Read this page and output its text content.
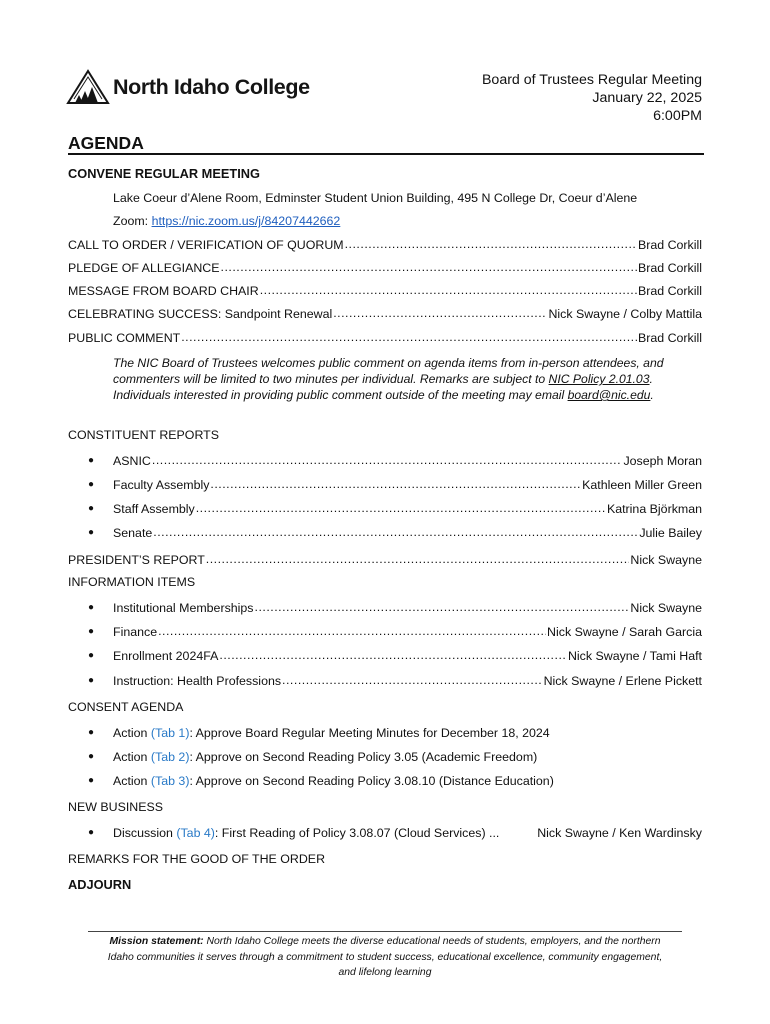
North Idaho College	Board of Trustees Regular Meeting
January 22, 2025
6:00PM
AGENDA
CONVENE REGULAR MEETING
Lake Coeur d’Alene Room, Edminster Student Union Building, 495 N College Dr, Coeur d’Alene
Zoom: https://nic.zoom.us/j/84207442662
CALL TO ORDER / VERIFICATION OF QUORUM .....	Brad Corkill
PLEDGE OF ALLEGIANCE .....	Brad Corkill
MESSAGE FROM BOARD CHAIR .....	Brad Corkill
CELEBRATING SUCCESS: Sandpoint Renewal .....	Nick Swayne / Colby Mattila
PUBLIC COMMENT .....	Brad Corkill
The NIC Board of Trustees welcomes public comment on agenda items from in-person attendees, and commenters will be limited to two minutes per individual. Remarks are subject to NIC Policy 2.01.03. Individuals interested in providing public comment outside of the meeting may email board@nic.edu.
CONSTITUENT REPORTS
●	ASNIC .....	Joseph Moran
●	Faculty Assembly .....	Kathleen Miller Green
●	Staff Assembly .....	Katrina Björkman
●	Senate .....	Julie Bailey
PRESIDENT’S REPORT .....	Nick Swayne
INFORMATION ITEMS
●	Institutional Memberships .....	Nick Swayne
●	Finance .....	Nick Swayne / Sarah Garcia
●	Enrollment 2024FA .....	Nick Swayne / Tami Haft
●	Instruction: Health Professions .....	Nick Swayne / Erlene Pickett
CONSENT AGENDA
●	Action (Tab 1): Approve Board Regular Meeting Minutes for December 18, 2024
●	Action (Tab 2): Approve on Second Reading Policy 3.05 (Academic Freedom)
●	Action (Tab 3): Approve on Second Reading Policy 3.08.10 (Distance Education)
NEW BUSINESS
●	Discussion (Tab 4): First Reading of Policy 3.08.07 (Cloud Services) ...	Nick Swayne / Ken Wardinsky
REMARKS FOR THE GOOD OF THE ORDER
ADJOURN
Mission statement: North Idaho College meets the diverse educational needs of students, employers, and the northern Idaho communities it serves through a commitment to student success, educational excellence, community engagement, and lifelong learning
